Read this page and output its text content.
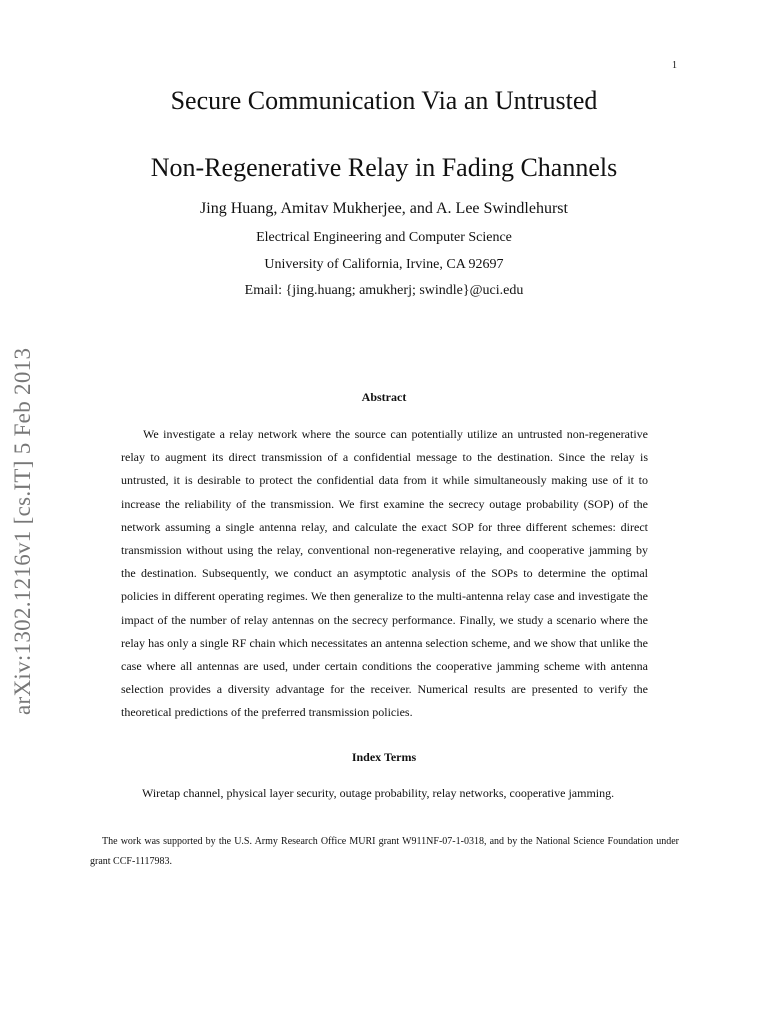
1
Secure Communication Via an Untrusted
Non-Regenerative Relay in Fading Channels
Jing Huang, Amitav Mukherjee, and A. Lee Swindlehurst
Electrical Engineering and Computer Science
University of California, Irvine, CA 92697
Email: {jing.huang; amukherj; swindle}@uci.edu
arXiv:1302.1216v1 [cs.IT] 5 Feb 2013	Abstract

We investigate a relay network where the source can potentially utilize an untrusted non-regenerative relay to augment its direct transmission of a confidential message to the destination. Since the relay is untrusted, it is desirable to protect the confidential data from it while simultaneously making use of it to increase the reliability of the transmission. We first examine the secrecy outage probability (SOP) of the network assuming a single antenna relay, and calculate the exact SOP for three different schemes: direct transmission without using the relay, conventional non-regenerative relaying, and cooperative jamming by the destination. Subsequently, we conduct an asymptotic analysis of the SOPs to determine the optimal policies in different operating regimes. We then generalize to the multi-antenna relay case and investigate the impact of the number of relay antennas on the secrecy performance. Finally, we study a scenario where the relay has only a single RF chain which necessitates an antenna selection scheme, and we show that unlike the case where all antennas are used, under certain conditions the cooperative jamming scheme with antenna selection provides a diversity advantage for the receiver. Numerical results are presented to verify the theoretical predictions of the preferred transmission policies.

Index Terms

Wiretap channel, physical layer security, outage probability, relay networks, cooperative jamming.

The work was supported by the U.S. Army Research Office MURI grant W911NF-07-1-0318, and by the National Science Foundation under grant CCF-1117983.
